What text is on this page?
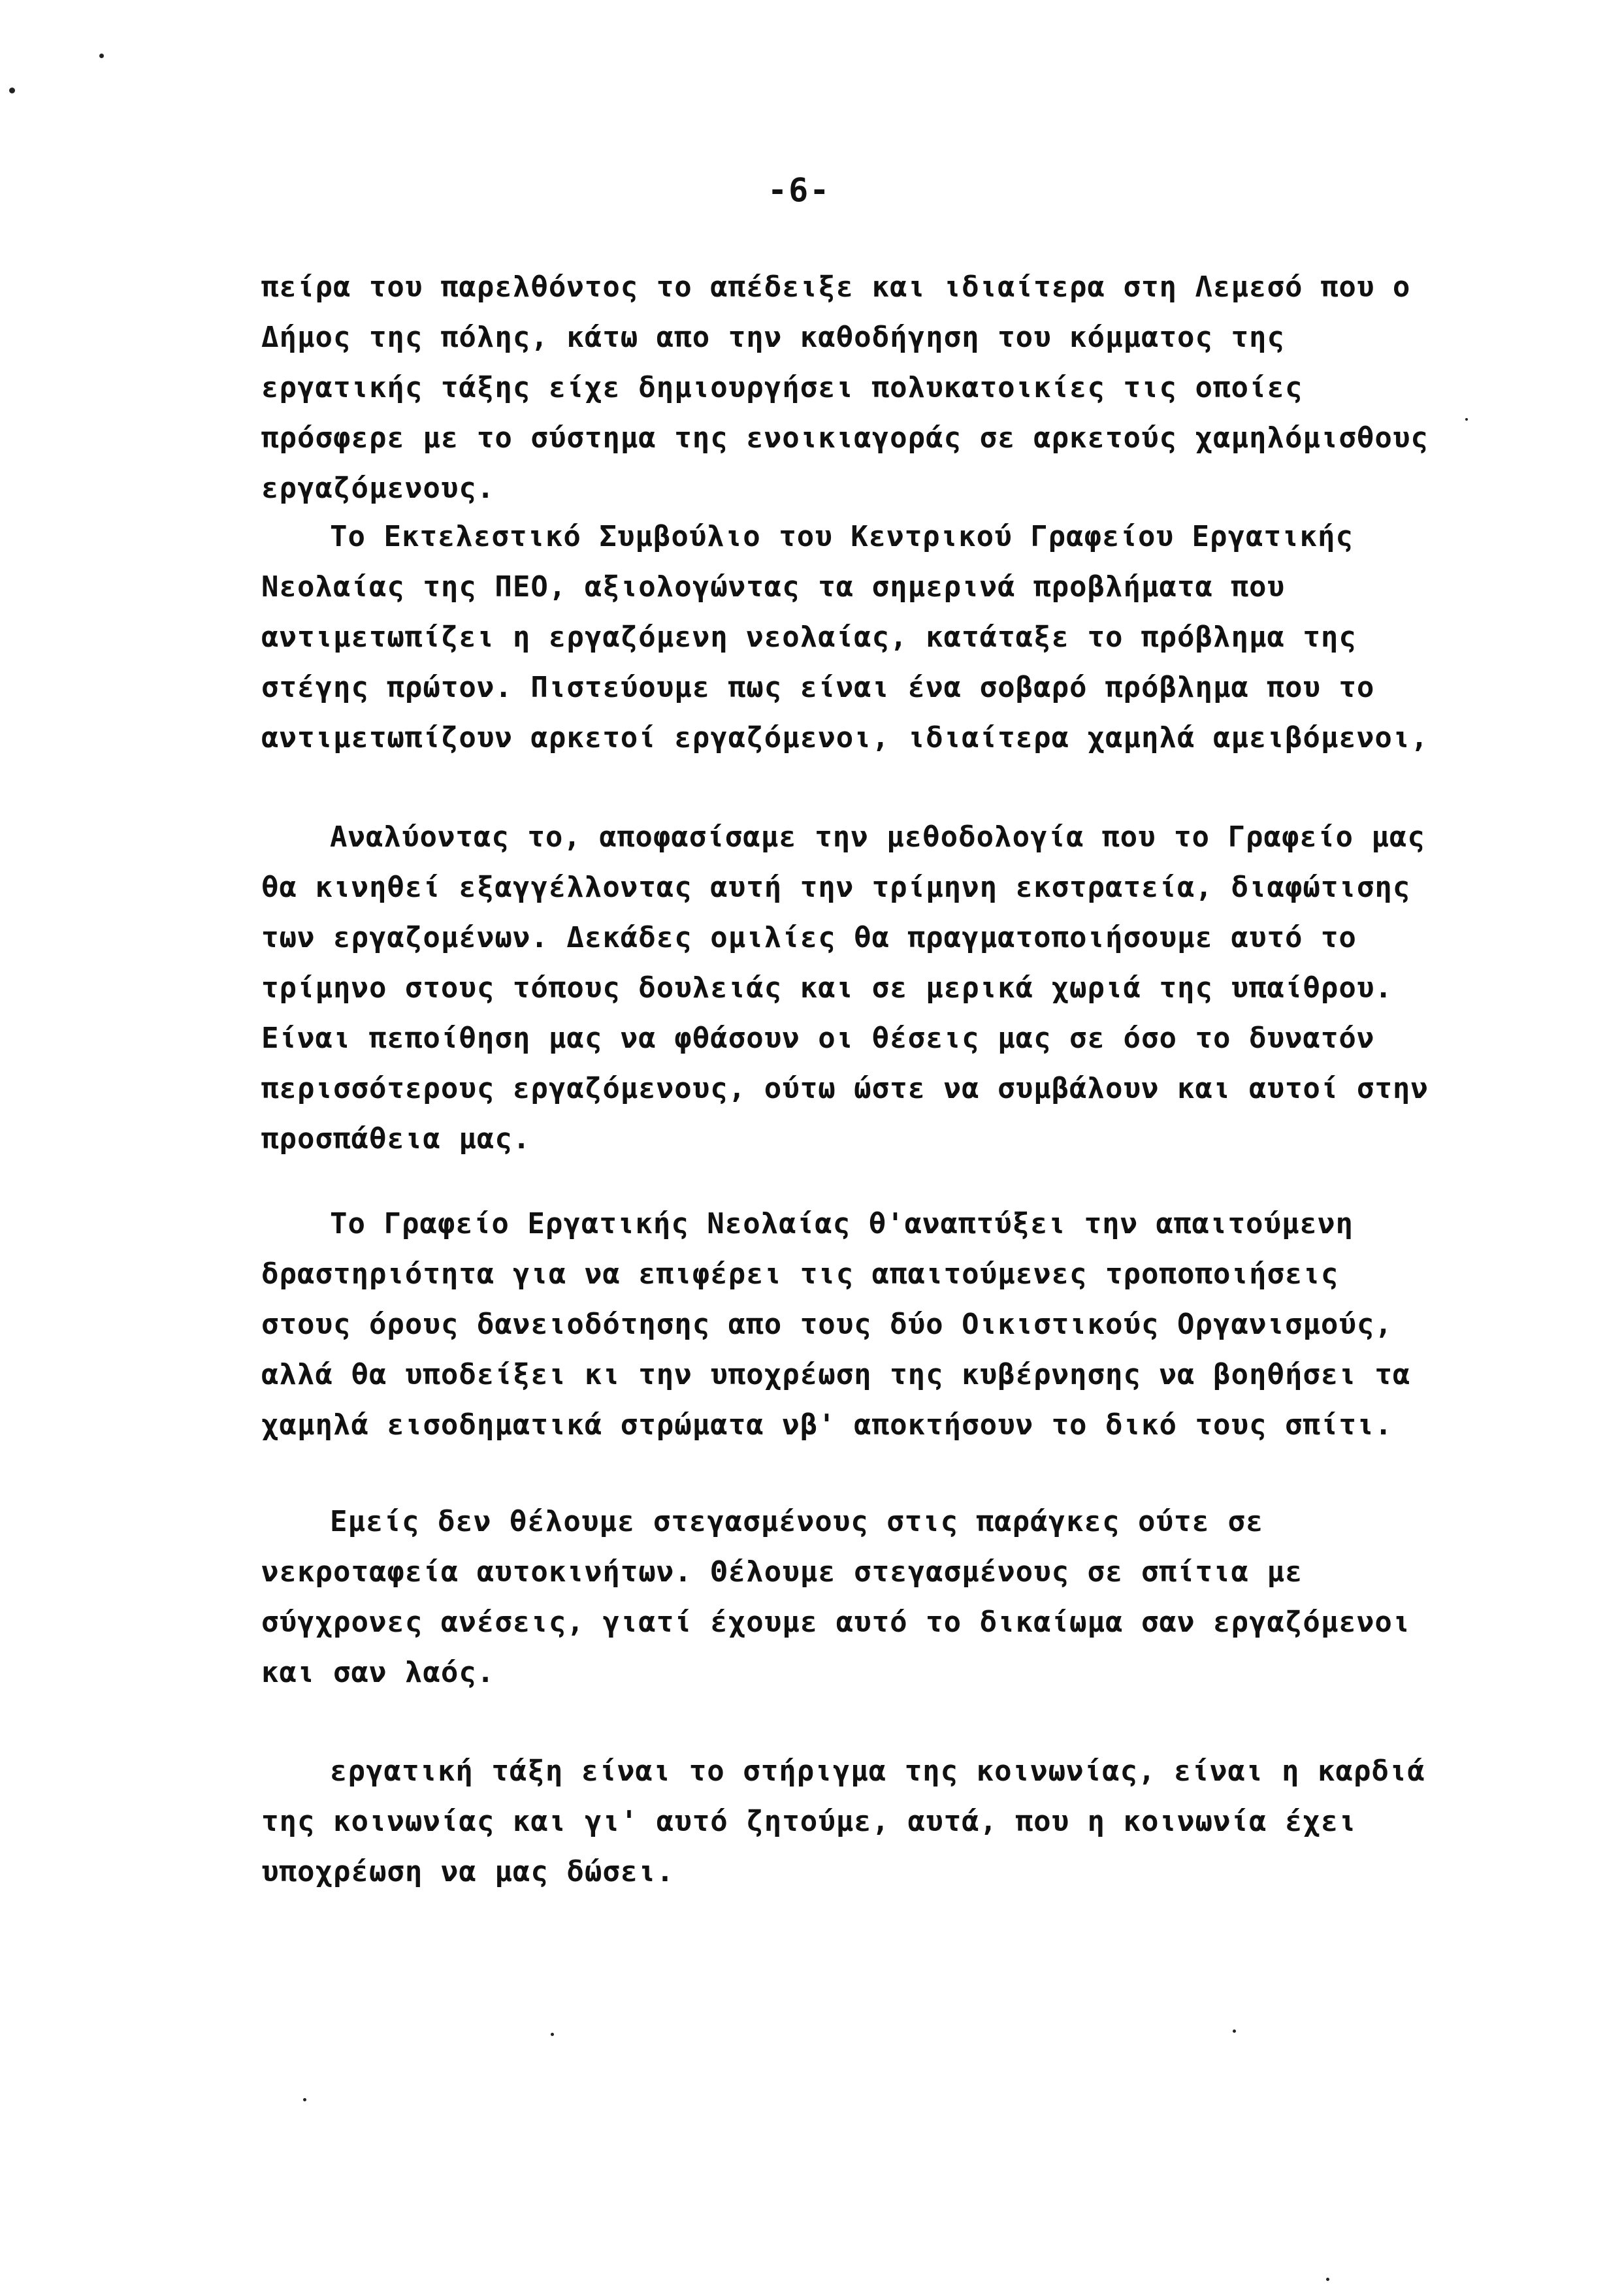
-6-
πείρα του παρελθόντος το απέδειξε και ιδιαίτερα στη Λεμεσό που ο
Δήμος της πόλης, κάτω απο την καθοδήγηση του κόμματος της
εργατικής τάξης είχε δημιουργήσει πολυκατοικίες τις οποίες
πρόσφερε με το σύστημα της ενοικιαγοράς σε αρκετούς χαμηλόμισθους
εργαζόμενους.
Το Εκτελεστικό Συμβούλιο του Κεντρικού Γραφείου Εργατικής
Νεολαίας της ΠΕΟ, αξιολογώντας τα σημερινά προβλήματα που
αντιμετωπίζει η εργαζόμενη νεολαίας, κατάταξε το πρόβλημα της
στέγης πρώτον. Πιστεύουμε πως είναι ένα σοβαρό πρόβλημα που το
αντιμετωπίζουν αρκετοί εργαζόμενοι, ιδιαίτερα χαμηλά αμειβόμενοι,
Αναλύοντας το, αποφασίσαμε την μεθοδολογία που το Γραφείο μας
θα κινηθεί εξαγγέλλοντας αυτή την τρίμηνη εκστρατεία, διαφώτισης
των εργαζομένων. Δεκάδες ομιλίες θα πραγματοποιήσουμε αυτό το
τρίμηνο στους τόπους δουλειάς και σε μερικά χωριά της υπαίθρου.
Είναι πεποίθηση μας να φθάσουν οι θέσεις μας σε όσο το δυνατόν
περισσότερους εργαζόμενους, ούτω ώστε να συμβάλουν και αυτοί στην
προσπάθεια μας.
Το Γραφείο Εργατικής Νεολαίας θ'αναπτύξει την απαιτούμενη
δραστηριότητα για να επιφέρει τις απαιτούμενες τροποποιήσεις
στους όρους δανειοδότησης απο τους δύο Οικιστικούς Οργανισμούς,
αλλά θα υποδείξει κι την υποχρέωση της κυβέρνησης να βοηθήσει τα
χαμηλά εισοδηματικά στρώματα νβ' αποκτήσουν το δικό τους σπίτι.
Εμείς δεν θέλουμε στεγασμένους στις παράγκες ούτε σε
νεκροταφεία αυτοκινήτων. Θέλουμε στεγασμένους σε σπίτια με
σύγχρονες ανέσεις, γιατί έχουμε αυτό το δικαίωμα σαν εργαζόμενοι
και σαν λαός.
εργατική τάξη είναι το στήριγμα της κοινωνίας, είναι η καρδιά
της κοινωνίας και γι' αυτό ζητούμε, αυτά, που η κοινωνία έχει
υποχρέωση να μας δώσει.
